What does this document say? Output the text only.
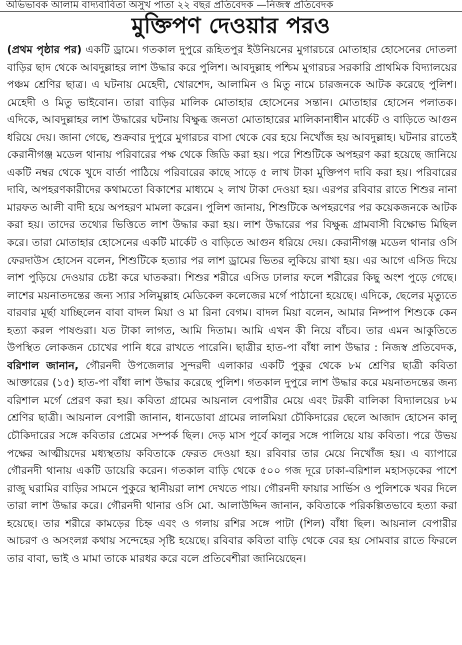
অভিভাবক আলাম বাদ্যবাবিতা অসুখ পাতা ২২ বছর প্রতিবেদক —নিজস্ব প্রতিবেদক
মুক্তিপণ দেওয়ার পরও

(প্রথম পৃষ্ঠার পর) একটি ড্রামে। গতকাল দুপুরে রূহিতপুর ইউনিয়নের মুগারচরে মোতাহার হোসেনের দোতলা বাড়ির ছাদ থেকে আবদুল্লাহর লাশ উদ্ধার করে পুলিশ। আবদুল্লাহ পশ্চিম মুগারচর সরকারি প্রাথমিক বিদ্যালয়ের পঞ্চম শ্রেণির ছাত্র। এ ঘটনায় মেহেদী, খোরশেদ, আলামিন ও মিতু নামে চারজনকে আটক করেছে পুলিশ। মেহেদী ও মিতু ভাইবোন। তারা বাড়ির মালিক মোতাহার হোসেনের সন্তান। মোতাহার হোসেন পলাতক। এদিকে, আবদুল্লাহর লাশ উদ্ধারের ঘটনায় বিক্ষুব্ধ জনতা মোতাহারের মালিকানাধীন মার্কেট ও বাড়িতে আগুন ধরিয়ে দেয়। জানা গেছে, শুক্রবার দুপুরে মুগারচর বাসা থেকে বের হয়ে নিখোঁজ হয় আবদুল্লাহ। ঘটনার রাতেই কেরানীগঞ্জ মডেল থানায় পরিবারের পক্ষ থেকে জিডি করা হয়। পরে শিশুটিকে অপহরণ করা হয়েছে জানিয়ে একটি নম্বর থেকে খুদে বার্তা পাঠিয়ে পরিবারের কাছে সাড়ে ৫ লাখ টাকা মুক্তিপণ দাবি করা হয়। পরিবারের দাবি, অপহরণকারীদের কথামতো বিকাশের মাধ্যমে ২ লাখ টাকা দেওয়া হয়। এরপর রবিবার রাতে শিশুর নানা মারফত আলী বাদী হয়ে অপহরণ মামলা করেন। পুলিশ জানায়, শিশুটিকে অপহরণের পর কয়েকজনকে আটক করা হয়। তাদের তথ্যের ভিত্তিতে লাশ উদ্ধার করা হয়। লাশ উদ্ধারের পর বিক্ষুব্ধ গ্রামবাসী বিক্ষোভ মিছিল করে। তারা মোতাহার হোসেনের একটি মার্কেট ও বাড়িতে আগুন ধরিয়ে দেয়। কেরানীগঞ্জ মডেল থানার ওসি ফেরদাউস হোসেন বলেন, শিশুটিকে হত্যার পর লাশ ড্রামের ভিতর লুকিয়ে রাখা হয়। এর আগে এসিড দিয়ে লাশ পুড়িয়ে দেওয়ার চেষ্টা করে ঘাতকরা। শিশুর শরীরে এসিড ঢালার ফলে শরীরের কিছু অংশ পুড়ে গেছে। লাশের ময়নাতদন্তের জন্য স্যার সলিমুল্লাহ মেডিকেল কলেজের মর্গে পাঠানো হয়েছে। এদিকে, ছেলের মৃত্যুতে বারবার মূর্ছা যাচ্ছিলেন বাবা বাদল মিয়া ও মা রিনা বেগম। বাদল মিয়া বলেন, আমার নিষ্পাপ শিশুকে কেন হত্যা করল পাষণ্ডরা। যত টাকা লাগত, আমি দিতাম। আমি এখন কী নিয়ে বাঁচব। তার এমন আকুতিতে উপস্থিত লোকজন চোখের পানি ধরে রাখতে পারেনি। ছাত্রীর হাত-পা বাঁধা লাশ উদ্ধার : নিজস্ব প্রতিবেদক, বরিশাল জানান, গৌরনদী উপজেলার সুন্দরদী এলাকার একটি পুকুর থেকে ৮ম শ্রেণির ছাত্রী কবিতা আক্তারের (১৫) হাত-পা বাঁধা লাশ উদ্ধার করেছে পুলিশ। গতকাল দুপুরে লাশ উদ্ধার করে ময়নাতদন্তের জন্য বরিশাল মর্গে প্রেরণ করা হয়। কবিতা গ্রামের আয়নাল বেপারীর মেয়ে এবং টরকী বালিকা বিদ্যালয়ের ৮ম শ্রেণির ছাত্রী। আয়নাল বেপারী জানান, ধানডোবা গ্রামের লালমিয়া চৌকিদারের ছেলে আজাদ হোসেন কালু চৌকিদারের সঙ্গে কবিতার প্রেমের সম্পর্ক ছিল। দেড় মাস পূর্বে কালুর সঙ্গে পালিয়ে যায় কবিতা। পরে উভয় পক্ষের আত্মীয়দের মধ্যস্থতায় কবিতাকে ফেরত দেওয়া হয়। রবিবার তার মেয়ে নিখোঁজ হয়। এ ব্যাপারে গৌরনদী থানায় একটি ডায়েরি করেন। গতকাল বাড়ি থেকে ৫০০ গজ দূরে ঢাকা-বরিশাল মহাসড়কের পাশে রাজু ঘরামির বাড়ির সামনে পুকুরে স্থানীয়রা লাশ দেখতে পায়। গৌরনদী ফায়ার সার্ভিস ও পুলিশকে খবর দিলে তারা লাশ উদ্ধার করে। গৌরনদী থানার ওসি মো. আলাউদ্দিন জানান, কবিতাকে পরিকল্পিতভাবে হত্যা করা হয়েছে। তার শরীরে কামড়ের চিহ্ন এবং ও গলায় রশির সঙ্গে পাটা (শিল) বাঁধা ছিল। আয়নাল বেপারীর আচরণ ও অসংলগ্ন কথায় সন্দেহের সৃষ্টি হয়েছে। রবিবার কবিতা বাড়ি থেকে বের হয় সোমবার রাতে ফিরলে তার বাবা, ভাই ও মামা তাকে মারধর করে বলে প্রতিবেশীরা জানিয়েছেন।
